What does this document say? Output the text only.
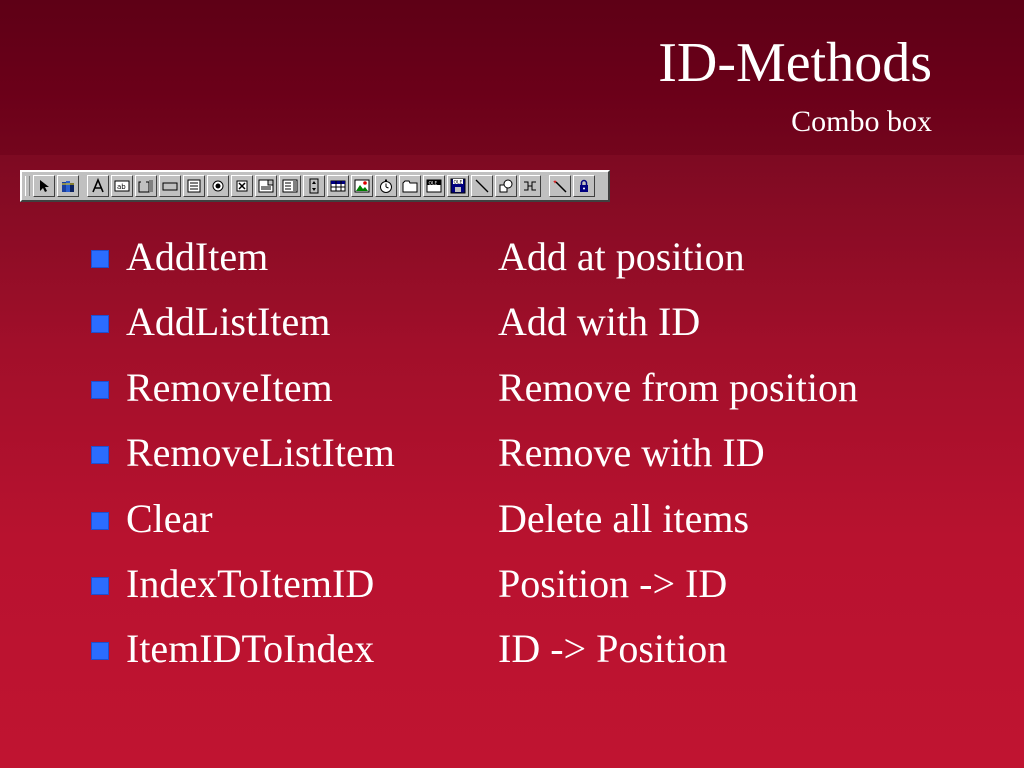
ID-Methods
Combo box
ab	OLE	OLE
AddItem	Add at position
AddListItem	Add with ID
RemoveItem	Remove from position
RemoveListItem	Remove with ID
Clear	Delete all items
IndexToItemID	Position -> ID
ItemIDToIndex	ID -> Position
